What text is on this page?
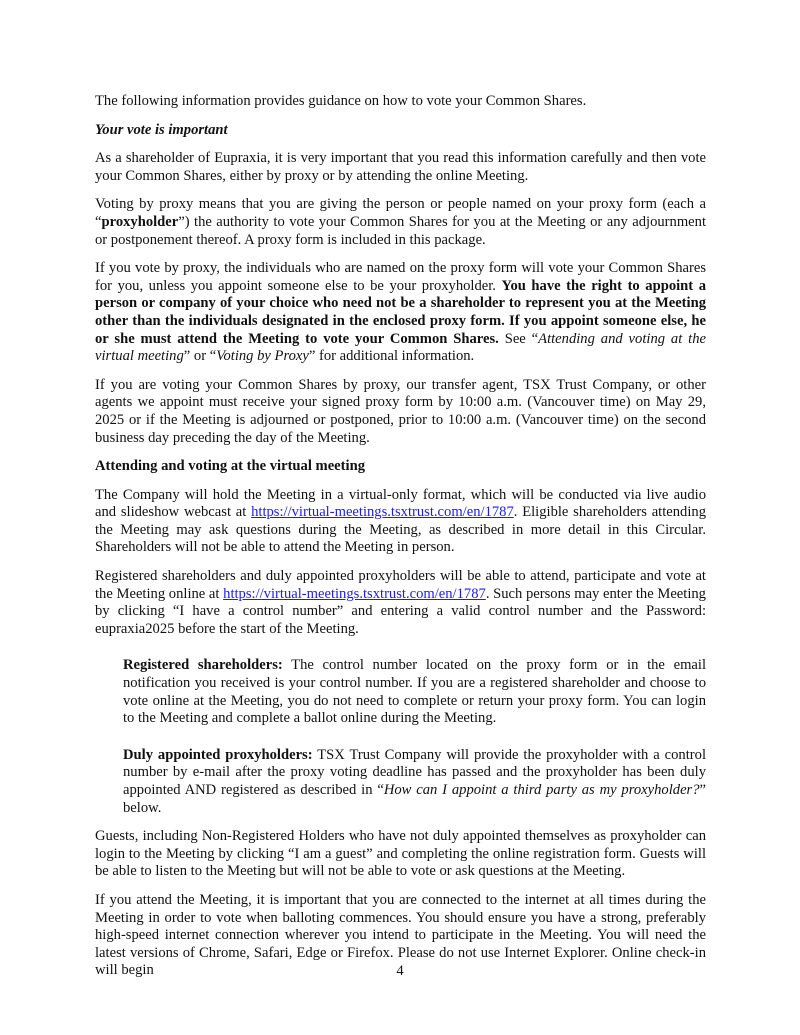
The following information provides guidance on how to vote your Common Shares.

Your vote is important

As a shareholder of Eupraxia, it is very important that you read this information carefully and then vote your Common Shares, either by proxy or by attending the online Meeting.

Voting by proxy means that you are giving the person or people named on your proxy form (each a “proxyholder”) the authority to vote your Common Shares for you at the Meeting or any adjournment or postponement thereof. A proxy form is included in this package.

If you vote by proxy, the individuals who are named on the proxy form will vote your Common Shares for you, unless you appoint someone else to be your proxyholder. You have the right to appoint a person or company of your choice who need not be a shareholder to represent you at the Meeting other than the individuals designated in the enclosed proxy form. If you appoint someone else, he or she must attend the Meeting to vote your Common Shares. See “Attending and voting at the virtual meeting” or “Voting by Proxy” for additional information.

If you are voting your Common Shares by proxy, our transfer agent, TSX Trust Company, or other agents we appoint must receive your signed proxy form by 10:00 a.m. (Vancouver time) on May 29, 2025 or if the Meeting is adjourned or postponed, prior to 10:00 a.m. (Vancouver time) on the second business day preceding the day of the Meeting.

Attending and voting at the virtual meeting

The Company will hold the Meeting in a virtual-only format, which will be conducted via live audio and slideshow webcast at https://virtual-meetings.tsxtrust.com/en/1787. Eligible shareholders attending the Meeting may ask questions during the Meeting, as described in more detail in this Circular. Shareholders will not be able to attend the Meeting in person.

Registered shareholders and duly appointed proxyholders will be able to attend, participate and vote at the Meeting online at https://virtual-meetings.tsxtrust.com/en/1787. Such persons may enter the Meeting by clicking “I have a control number” and entering a valid control number and the Password: eupraxia2025 before the start of the Meeting.

Registered shareholders: The control number located on the proxy form or in the email notification you received is your control number. If you are a registered shareholder and choose to vote online at the Meeting, you do not need to complete or return your proxy form. You can login to the Meeting and complete a ballot online during the Meeting.

Duly appointed proxyholders: TSX Trust Company will provide the proxyholder with a control number by e-mail after the proxy voting deadline has passed and the proxyholder has been duly appointed AND registered as described in “How can I appoint a third party as my proxyholder?” below.

Guests, including Non-Registered Holders who have not duly appointed themselves as proxyholder can login to the Meeting by clicking “I am a guest” and completing the online registration form. Guests will be able to listen to the Meeting but will not be able to vote or ask questions at the Meeting.

If you attend the Meeting, it is important that you are connected to the internet at all times during the Meeting in order to vote when balloting commences. You should ensure you have a strong, preferably high-speed internet connection wherever you intend to participate in the Meeting. You will need the latest versions of Chrome, Safari, Edge or Firefox. Please do not use Internet Explorer. Online check-in will begin	4
